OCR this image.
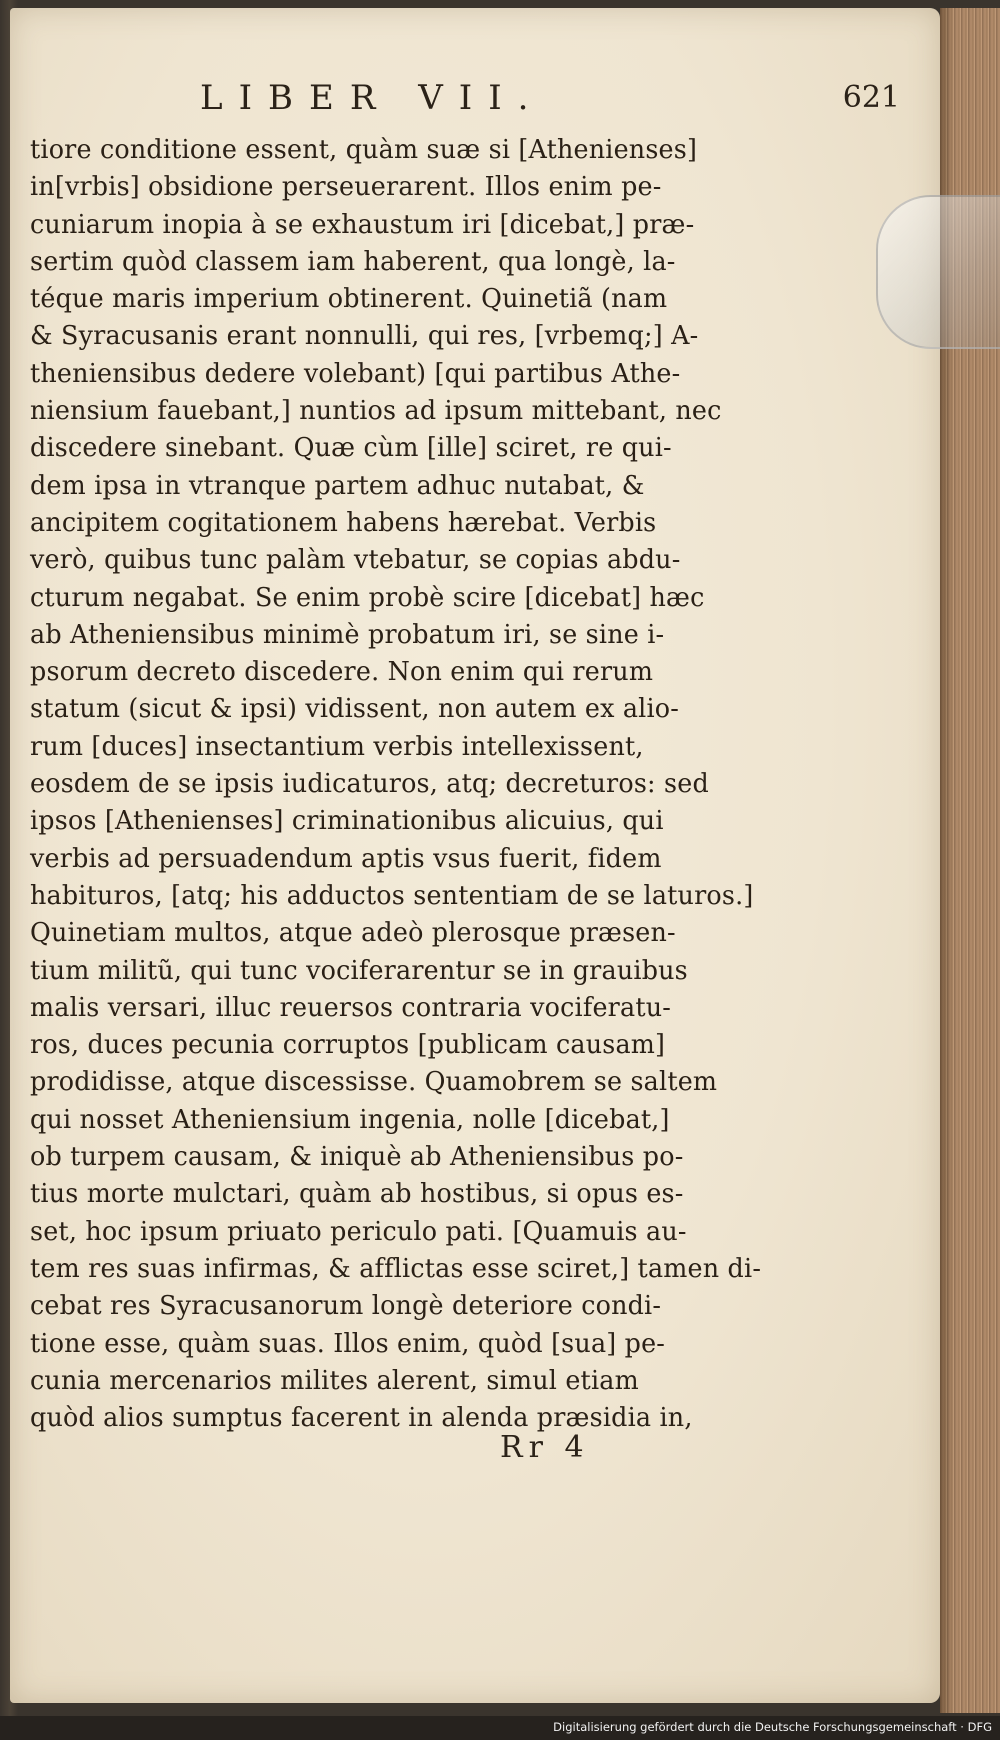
LIBER VII.	621
tiore conditione essent, quàm suæ si [Athenienses]
in[vrbis] obsidione perseuerarent. Illos enim pe-
cuniarum inopia à se exhaustum iri [dicebat,] præ-
sertim quòd classem iam haberent, qua longè, la-
téque maris imperium obtinerent. Quinetiã (nam
& Syracusanis erant nonnulli, qui res, [vrbemq;] A-
theniensibus dedere volebant) [qui partibus Athe-
niensium fauebant,] nuntios ad ipsum mittebant, nec
discedere sinebant. Quæ cùm [ille] sciret, re qui-
dem ipsa in vtranque partem adhuc nutabat, &
ancipitem cogitationem habens hærebat. Verbis
verò, quibus tunc palàm vtebatur, se copias abdu-
cturum negabat. Se enim probè scire [dicebat] hæc
ab Atheniensibus minimè probatum iri, se sine i-
psorum decreto discedere. Non enim qui rerum
statum (sicut & ipsi) vidissent, non autem ex alio-
rum [duces] insectantium verbis intellexissent,
eosdem de se ipsis iudicaturos, atq; decreturos: sed
ipsos [Athenienses] criminationibus alicuius, qui
verbis ad persuadendum aptis vsus fuerit, fidem
habituros, [atq; his adductos sententiam de se laturos.]
Quinetiam multos, atque adeò plerosque præsen-
tium militũ, qui tunc vociferarentur se in grauibus
malis versari, illuc reuersos contraria vociferatu-
ros, duces pecunia corruptos [publicam causam]
prodidisse, atque discessisse. Quamobrem se saltem
qui nosset Atheniensium ingenia, nolle [dicebat,]
ob turpem causam, & iniquè ab Atheniensibus po-
tius morte mulctari, quàm ab hostibus, si opus es-
set, hoc ipsum priuato periculo pati. [Quamuis au-
tem res suas infirmas, & afflictas esse sciret,] tamen di-
cebat res Syracusanorum longè deteriore condi-
tione esse, quàm suas. Illos enim, quòd [sua] pe-
cunia mercenarios milites alerent, simul etiam
quòd alios sumptus facerent in alenda præsidia in,
Rr 4
Digitalisierung gefördert durch die Deutsche Forschungsgemeinschaft · DFG
